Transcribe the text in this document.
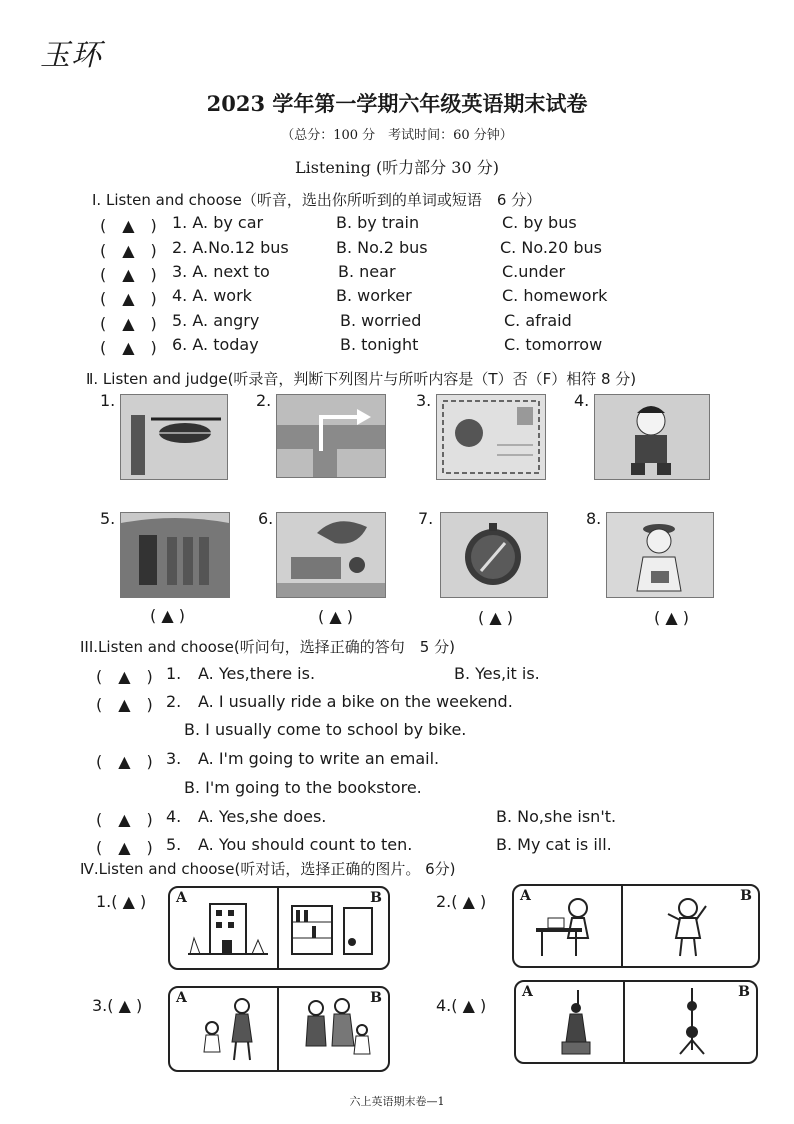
玉环
2023 学年第一学期六年级英语期末试卷
（总分：100 分　考试时间：60 分钟）
Listening (听力部分 30 分)
Ⅰ. Listen and choose（听音，选出你所听到的单词或短语　6 分）
(　▲　) 1. A. by car	B. by train	C. by bus
(　▲　) 2. A.No.12 bus	B. No.2 bus	C. No.20 bus
(　▲　) 3. A. next to	B. near	C.under
(　▲　) 4. A. work	B. worker	C. homework
(　▲　) 5. A. angry	B. worried	C. afraid
(　▲　) 6. A. today	B. tonight	C. tomorrow
Ⅱ. Listen and judge(听录音，判断下列图片与所听内容是（T）否（F）相符 8 分)
1.	2.	3.	4.
5.	6.	7.	8.
( ▲ )	( ▲ )	( ▲ )	( ▲ )
III.Listen and choose(听问句，选择正确的答句　5 分)
(　▲　) 1. A. Yes,there is.	B. Yes,it is.
(　▲　) 2. A. I usually ride a bike on the weekend.
B. I usually come to school by bike.
(　▲　) 3. A. I'm going to write an email.
B. I'm going to the bookstore.
(　▲　) 4. A. Yes,she does.	B. No,she isn't.
(　▲　) 5. A. You should count to ten.	B. My cat is ill.
Ⅳ.Listen and choose(听对话，选择正确的图片。 6分)
1.( ▲ ) A	B	2.( ▲ ) A	B
3.( ▲ ) A	B	4.( ▲ )
A	B
六上英语期末卷—1
